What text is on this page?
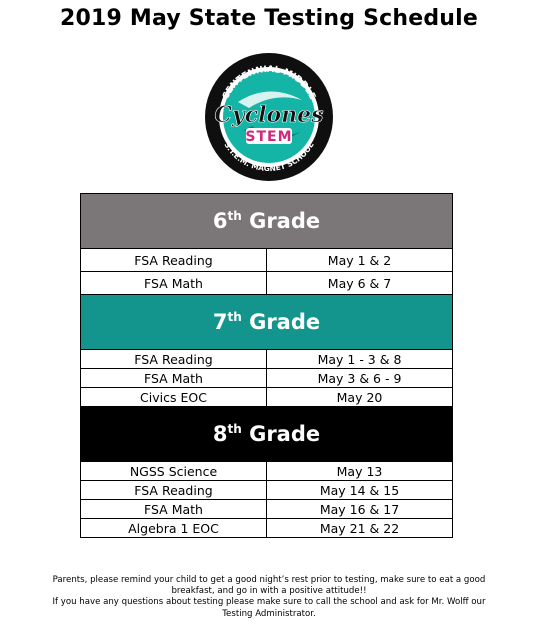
2019 May State Testing Schedule
CENTENNIAL MIDDLE
Cyclones
STEM
S.T.E.M. MAGNET SCHOOL
6th Grade	
FSA Reading	May 1 & 2
FSA Math	May 6 & 7
7th Grade	
FSA Reading	May 1 - 3 & 8
FSA Math	May 3 & 6 - 9
Civics EOC	May 20
8th Grade	
NGSS Science	May 13
FSA Reading	May 14 & 15
FSA Math	May 16 & 17
Algebra 1 EOC	May 21 & 22

Parents, please remind your child to get a good night’s rest prior to testing, make sure to eat a good

breakfast, and go in with a positive attitude!!

If you have any questions about testing please make sure to call the school and ask for Mr. Wolff our

Testing Administrator.
